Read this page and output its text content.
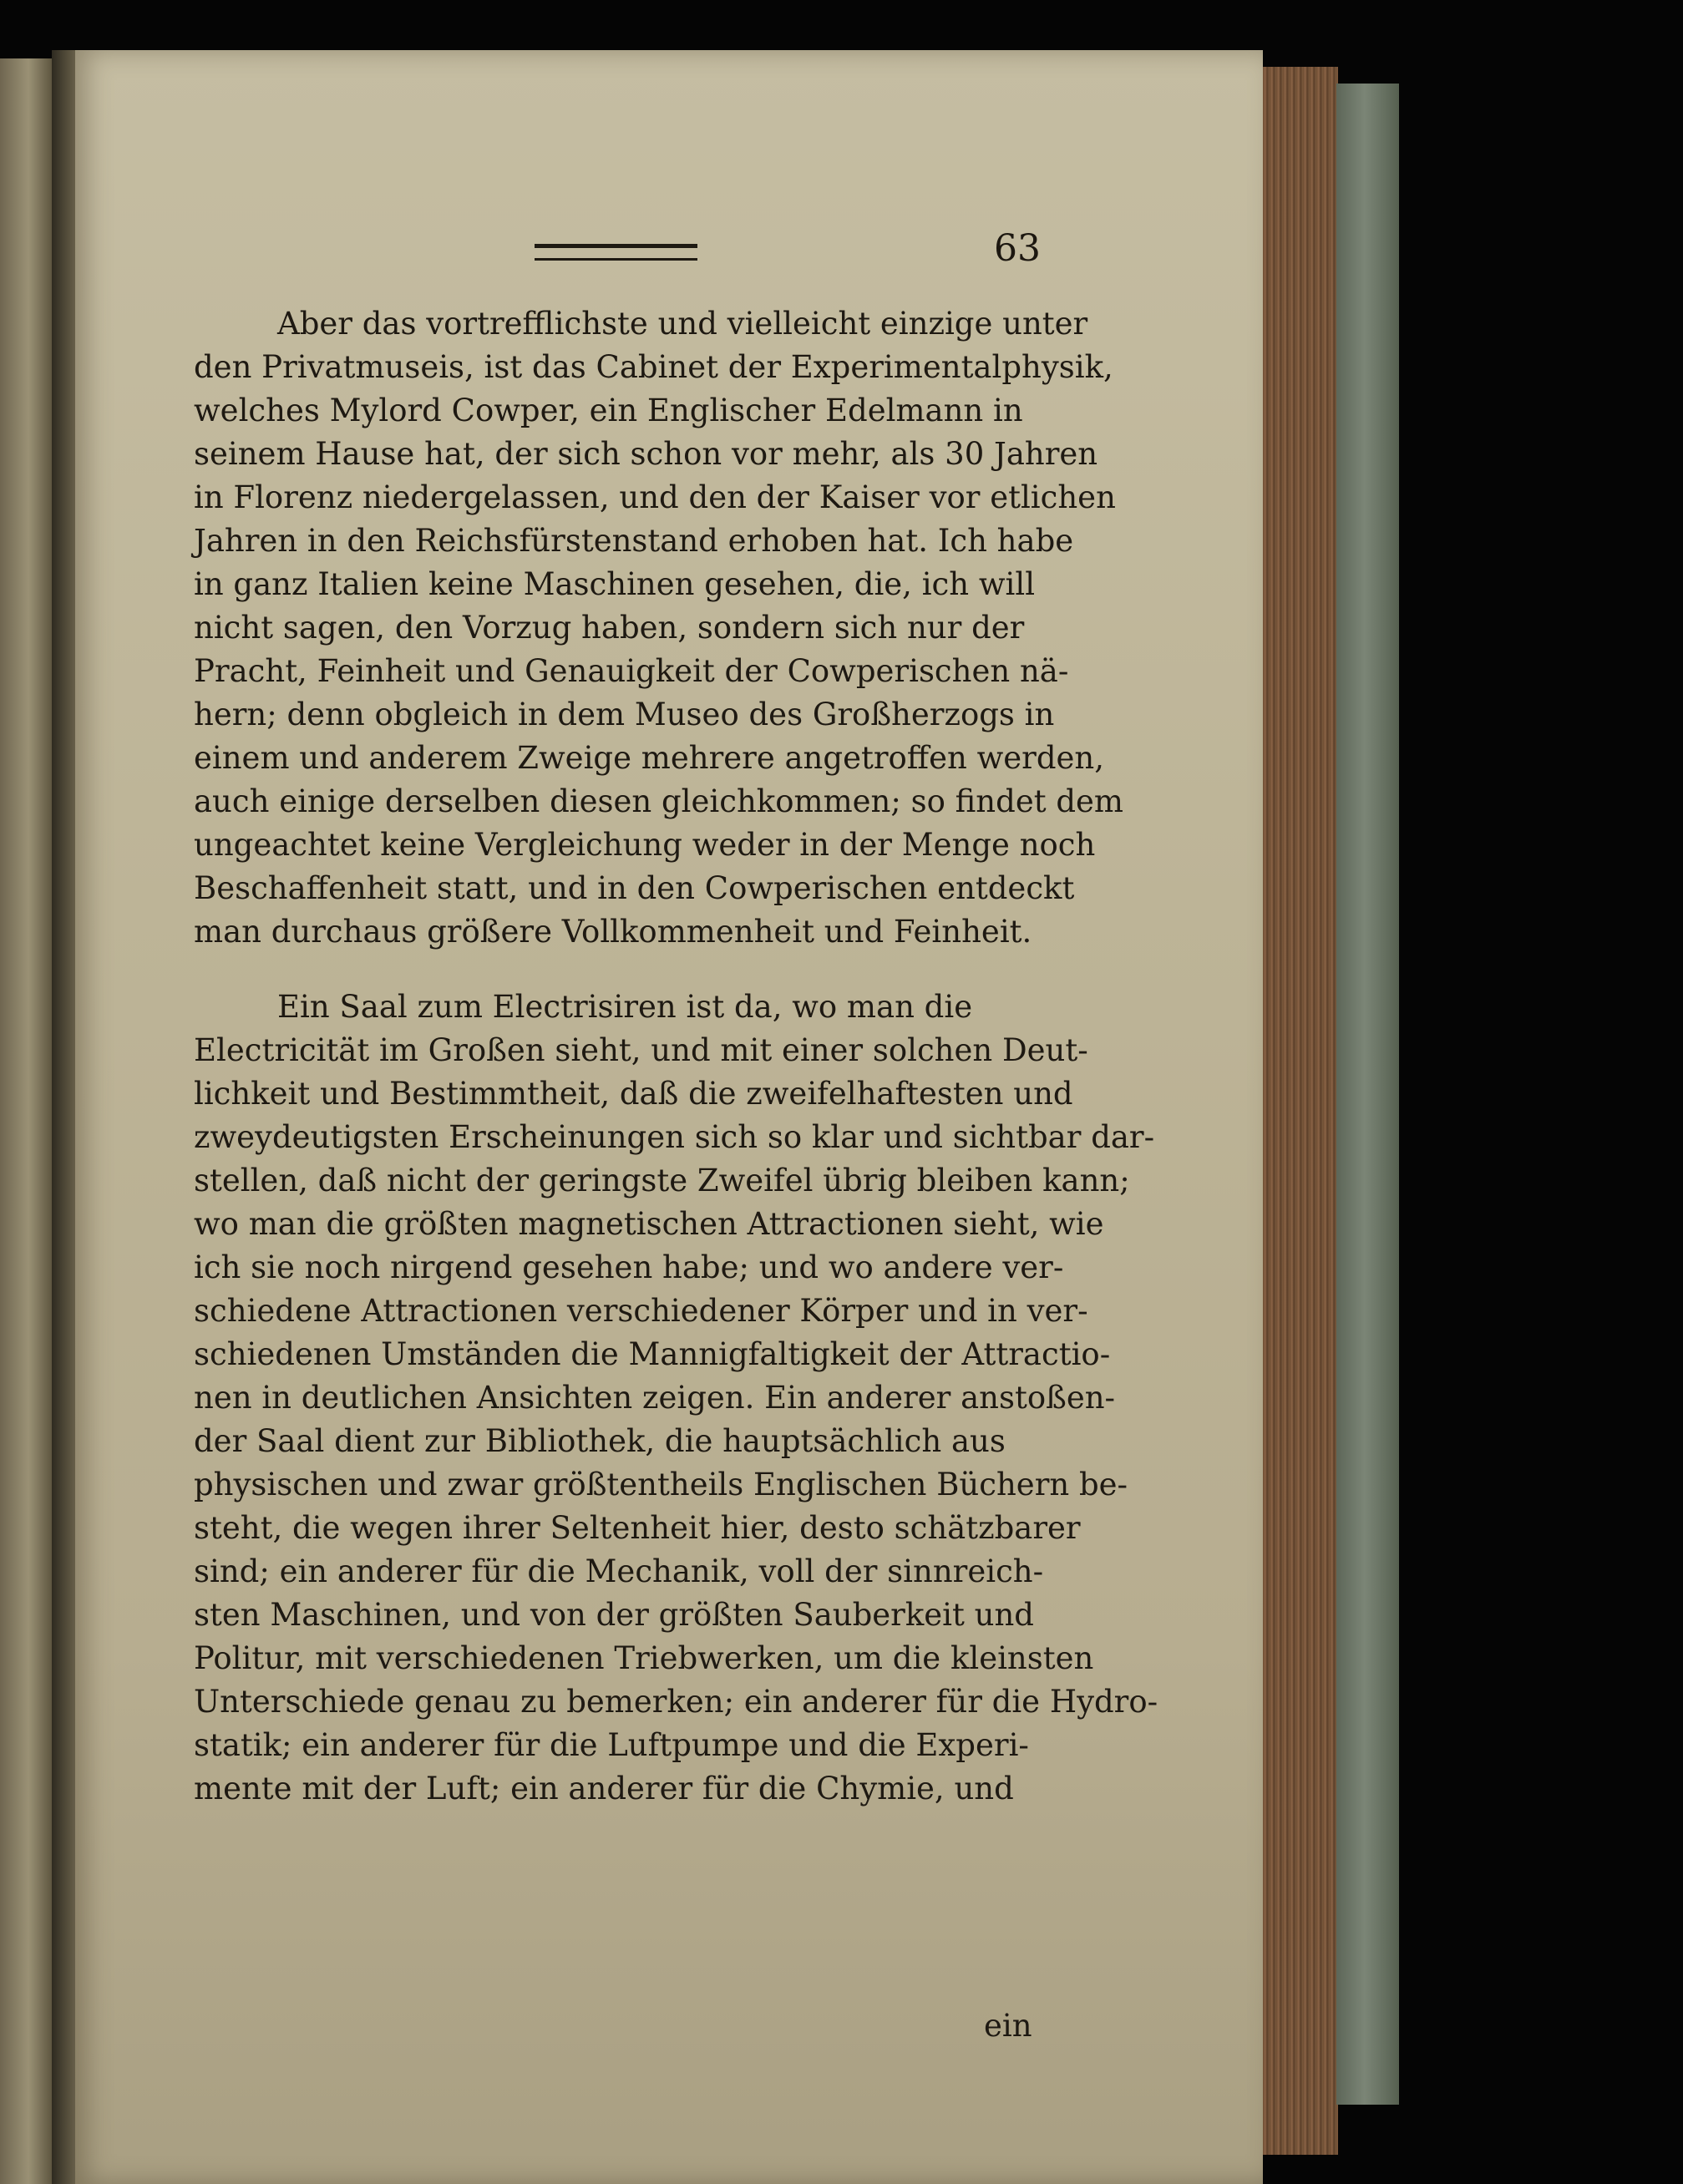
63
Aber das vortrefflichste und vielleicht einzige unter
den Privatmuseis, ist das Cabinet der Experimentalphysik,
welches Mylord Cowper, ein Englischer Edelmann in
seinem Hause hat, der sich schon vor mehr, als 30 Jahren
in Florenz niedergelassen, und den der Kaiser vor etlichen
Jahren in den Reichsfürstenstand erhoben hat. Ich habe
in ganz Italien keine Maschinen gesehen, die, ich will
nicht sagen, den Vorzug haben, sondern sich nur der
Pracht, Feinheit und Genauigkeit der Cowperischen nä-
hern; denn obgleich in dem Museo des Großherzogs in
einem und anderem Zweige mehrere angetroffen werden,
auch einige derselben diesen gleichkommen; so findet dem
ungeachtet keine Vergleichung weder in der Menge noch
Beschaffenheit statt, und in den Cowperischen entdeckt
man durchaus größere Vollkommenheit und Feinheit.
Ein Saal zum Electrisiren ist da, wo man die
Electricität im Großen sieht, und mit einer solchen Deut-
lichkeit und Bestimmtheit, daß die zweifelhaftesten und
zweydeutigsten Erscheinungen sich so klar und sichtbar dar-
stellen, daß nicht der geringste Zweifel übrig bleiben kann;
wo man die größten magnetischen Attractionen sieht, wie
ich sie noch nirgend gesehen habe; und wo andere ver-
schiedene Attractionen verschiedener Körper und in ver-
schiedenen Umständen die Mannigfaltigkeit der Attractio-
nen in deutlichen Ansichten zeigen. Ein anderer anstoßen-
der Saal dient zur Bibliothek, die hauptsächlich aus
physischen und zwar größtentheils Englischen Büchern be-
steht, die wegen ihrer Seltenheit hier, desto schätzbarer
sind; ein anderer für die Mechanik, voll der sinnreich-
sten Maschinen, und von der größten Sauberkeit und
Politur, mit verschiedenen Triebwerken, um die kleinsten
Unterschiede genau zu bemerken; ein anderer für die Hydro-
statik; ein anderer für die Luftpumpe und die Experi-
mente mit der Luft; ein anderer für die Chymie, und
ein
